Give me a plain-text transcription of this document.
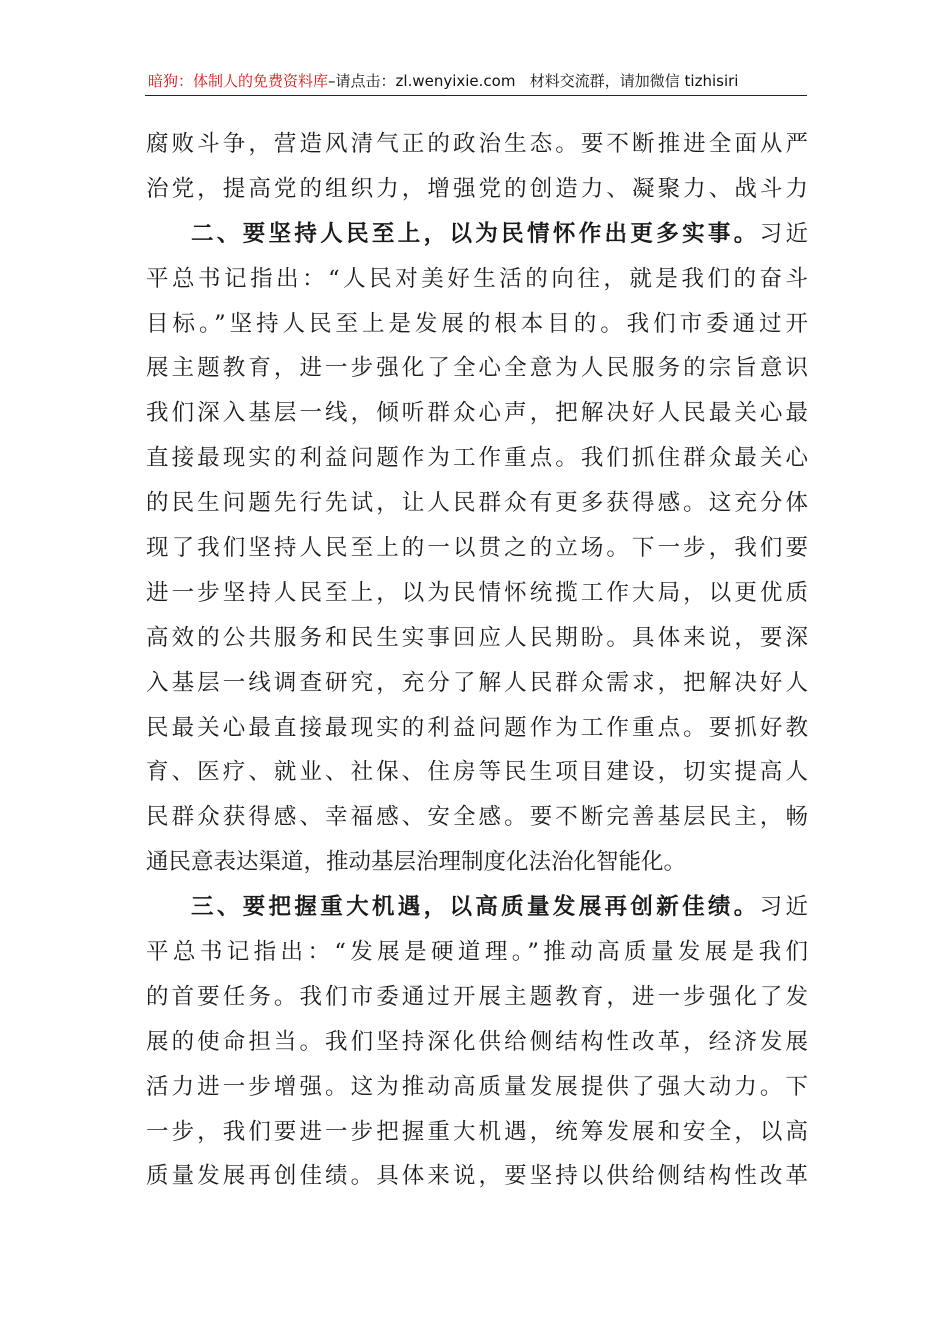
暗狗：体制人的免费资料库–请点击：zl.wenyixie.com 材料交流群，请加微信 tizhisiri
腐败斗争，营造风清气正的政治生态。要不断推进全面从严
治党，提高党的组织力，增强党的创造力、凝聚力、战斗力
二、要坚持人民至上，以为民情怀作出更多实事。习近
平总书记指出：“人民对美好生活的向往，就是我们的奋斗
目标。”坚持人民至上是发展的根本目的。我们市委通过开
展主题教育，进一步强化了全心全意为人民服务的宗旨意识
我们深入基层一线，倾听群众心声，把解决好人民最关心最
直接最现实的利益问题作为工作重点。我们抓住群众最关心
的民生问题先行先试，让人民群众有更多获得感。这充分体
现了我们坚持人民至上的一以贯之的立场。下一步，我们要
进一步坚持人民至上，以为民情怀统揽工作大局，以更优质
高效的公共服务和民生实事回应人民期盼。具体来说，要深
入基层一线调查研究，充分了解人民群众需求，把解决好人
民最关心最直接最现实的利益问题作为工作重点。要抓好教
育、医疗、就业、社保、住房等民生项目建设，切实提高人
民群众获得感、幸福感、安全感。要不断完善基层民主，畅
通民意表达渠道，推动基层治理制度化法治化智能化。
三、要把握重大机遇，以高质量发展再创新佳绩。习近
平总书记指出：“发展是硬道理。”推动高质量发展是我们
的首要任务。我们市委通过开展主题教育，进一步强化了发
展的使命担当。我们坚持深化供给侧结构性改革，经济发展
活力进一步增强。这为推动高质量发展提供了强大动力。下
一步，我们要进一步把握重大机遇，统筹发展和安全，以高
质量发展再创佳绩。具体来说，要坚持以供给侧结构性改革
